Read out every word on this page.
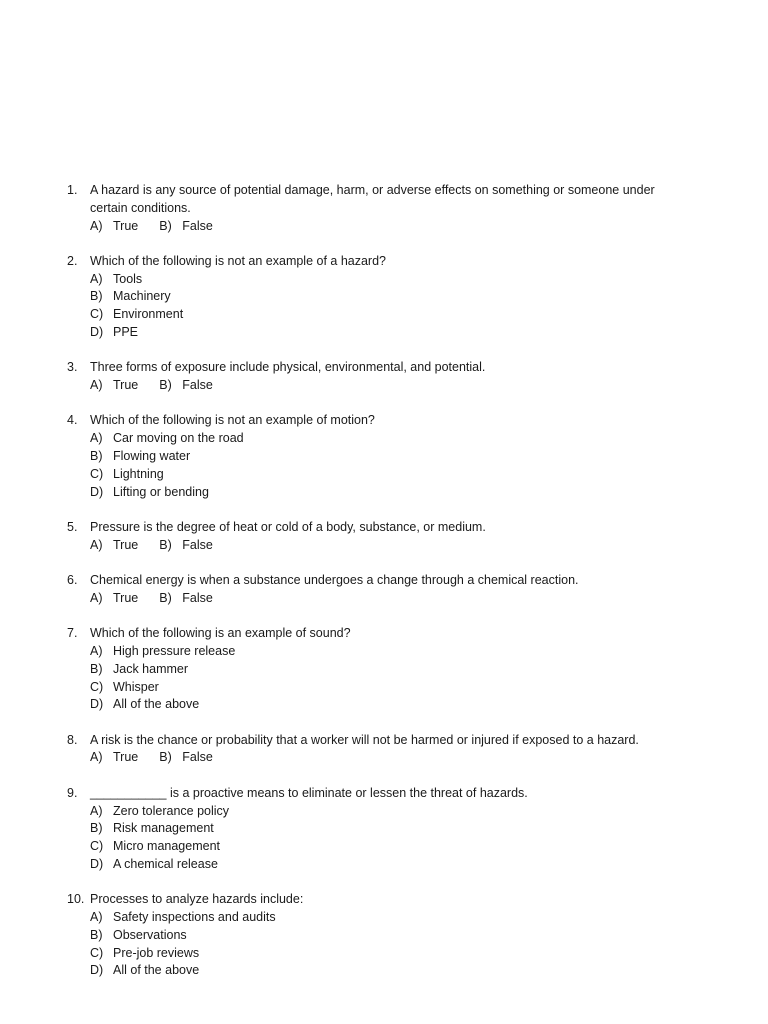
1.	A hazard is any source of potential damage, harm, or adverse effects on something or someone under certain conditions.
A) True B) False
2.	Which of the following is not an example of a hazard?
A) Tools
B) Machinery
C) Environment
D) PPE
3.	Three forms of exposure include physical, environmental, and potential.
A) True B) False
4.	Which of the following is not an example of motion?
A) Car moving on the road
B) Flowing water
C) Lightning
D) Lifting or bending
5.	Pressure is the degree of heat or cold of a body, substance, or medium.
A) True B) False
6.	Chemical energy is when a substance undergoes a change through a chemical reaction.
A) True B) False
7.	Which of the following is an example of sound?
A) High pressure release
B) Jack hammer
C) Whisper
D) All of the above
8.	A risk is the chance or probability that a worker will not be harmed or injured if exposed to a hazard.
A) True B) False
9.	___________ is a proactive means to eliminate or lessen the threat of hazards.
A) Zero tolerance policy
B) Risk management
C) Micro management
D) A chemical release
10. Processes to analyze hazards include:
A) Safety inspections and audits
B) Observations
C) Pre-job reviews
D) All of the above
